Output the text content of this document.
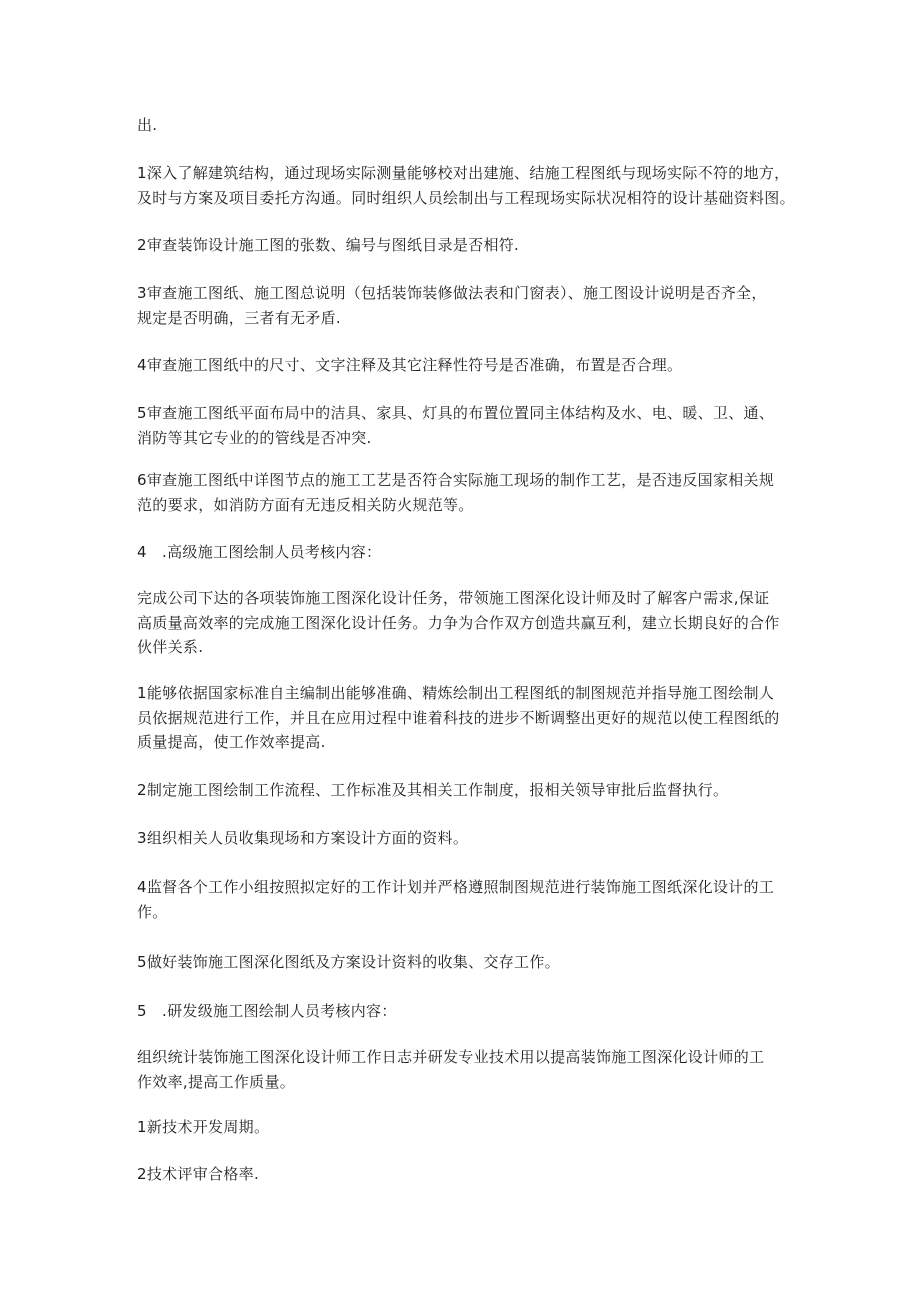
出.

1深入了解建筑结构，通过现场实际测量能够校对出建施、结施工程图纸与现场实际不符的地方，
及时与方案及项目委托方沟通。同时组织人员绘制出与工程现场实际状况相符的设计基础资料图。

2审查装饰设计施工图的张数、编号与图纸目录是否相符.

3审查施工图纸、施工图总说明（包括装饰装修做法表和门窗表）、施工图设计说明是否齐全，
规定是否明确，三者有无矛盾.

4审查施工图纸中的尺寸、文字注释及其它注释性符号是否准确，布置是否合理。

5审查施工图纸平面布局中的洁具、家具、灯具的布置位置同主体结构及水、电、暖、卫、通、
消防等其它专业的的管线是否冲突.

6审查施工图纸中详图节点的施工工艺是否符合实际施工现场的制作工艺，是否违反国家相关规
范的要求，如消防方面有无违反相关防火规范等。

4   .高级施工图绘制人员考核内容：

完成公司下达的各项装饰施工图深化设计任务，带领施工图深化设计师及时了解客户需求,保证
高质量高效率的完成施工图深化设计任务。力争为合作双方创造共赢互利，建立长期良好的合作
伙伴关系.

1能够依据国家标准自主编制出能够准确、精炼绘制出工程图纸的制图规范并指导施工图绘制人
员依据规范进行工作，并且在应用过程中谁着科技的进步不断调整出更好的规范以使工程图纸的
质量提高，使工作效率提高.

2制定施工图绘制工作流程、工作标准及其相关工作制度，报相关领导审批后监督执行。

3组织相关人员收集现场和方案设计方面的资料。

4监督各个工作小组按照拟定好的工作计划并严格遵照制图规范进行装饰施工图纸深化设计的工
作。

5做好装饰施工图深化图纸及方案设计资料的收集、交存工作。

5   .研发级施工图绘制人员考核内容：

组织统计装饰施工图深化设计师工作日志并研发专业技术用以提高装饰施工图深化设计师的工
作效率,提高工作质量。

1新技术开发周期。

2技术评审合格率.
